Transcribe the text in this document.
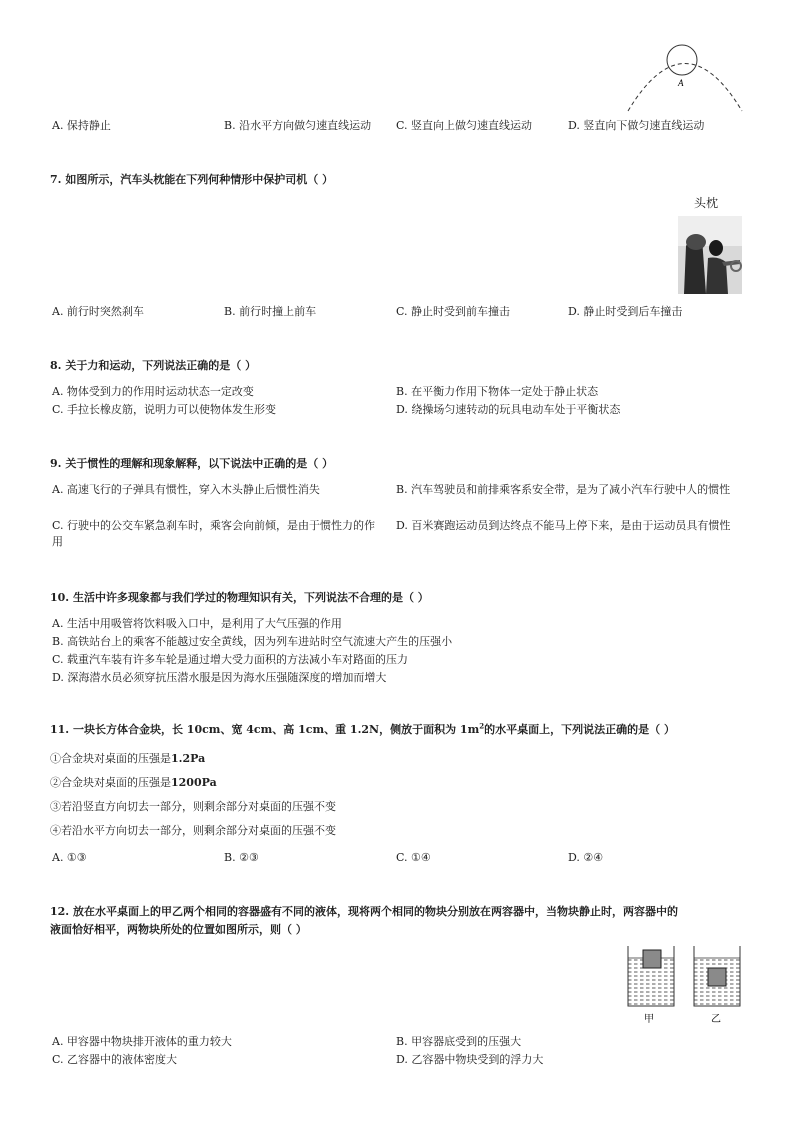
A
A. 保持静止	B. 沿水平方向做匀速直线运动 C. 竖直向上做匀速直线运动	D. 竖直向下做匀速直线运动
7. 如图所示，汽车头枕能在下列何种情形中保护司机（ ）
头枕
A. 前行时突然刹车	B. 前行时撞上前车	C. 静止时受到前车撞击	D. 静止时受到后车撞击
8. 关于力和运动，下列说法正确的是（ ）
A. 物体受到力的作用时运动状态一定改变	B. 在平衡力作用下物体一定处于静止状态
C. 手拉长橡皮筋，说明力可以使物体发生形变	D. 绕操场匀速转动的玩具电动车处于平衡状态
9. 关于惯性的理解和现象解释，以下说法中正确的是（ ）
A. 高速飞行的子弹具有惯性，穿入木头静止后惯性消失	B. 汽车驾驶员和前排乘客系安全带，是为了减小汽车行驶中人的惯性
C. 行驶中的公交车紧急刹车时，乘客会向前倾，是由于惯性力的作用
D. 百米赛跑运动员到达终点不能马上停下来，是由于运动员具有惯性
10. 生活中许多现象都与我们学过的物理知识有关，下列说法不合理的是（ ）
A. 生活中用吸管将饮料吸入口中，是利用了大气压强的作用
B. 高铁站台上的乘客不能越过安全黄线，因为列车进站时空气流速大产生的压强小
C. 载重汽车装有许多车轮是通过增大受力面积的方法减小车对路面的压力
D. 深海潜水员必须穿抗压潜水服是因为海水压强随深度的增加而增大
11. 一块长方体合金块，长 10cm、宽 4cm、高 1cm、重 1.2N，侧放于面积为 $1m^2$的水平桌面上，下列说法正确的是（ ）
①合金块对桌面的压强是1.2Pa
②合金块对桌面的压强是1200Pa
③若沿竖直方向切去一部分，则剩余部分对桌面的压强不变
④若沿水平方向切去一部分，则剩余部分对桌面的压强不变
A. ①③	B. ②③	C. ①④	D. ②④
12. 放在水平桌面上的甲乙两个相同的容器盛有不同的液体，现将两个相同的物块分别放在两容器中，当物块静止时，两容器中的
液面恰好相平，两物块所处的位置如图所示，则（ ）
甲	乙
A. 甲容器中物块排开液体的重力较大	B. 甲容器底受到的压强大
C. 乙容器中的液体密度大	D. 乙容器中物块受到的浮力大
